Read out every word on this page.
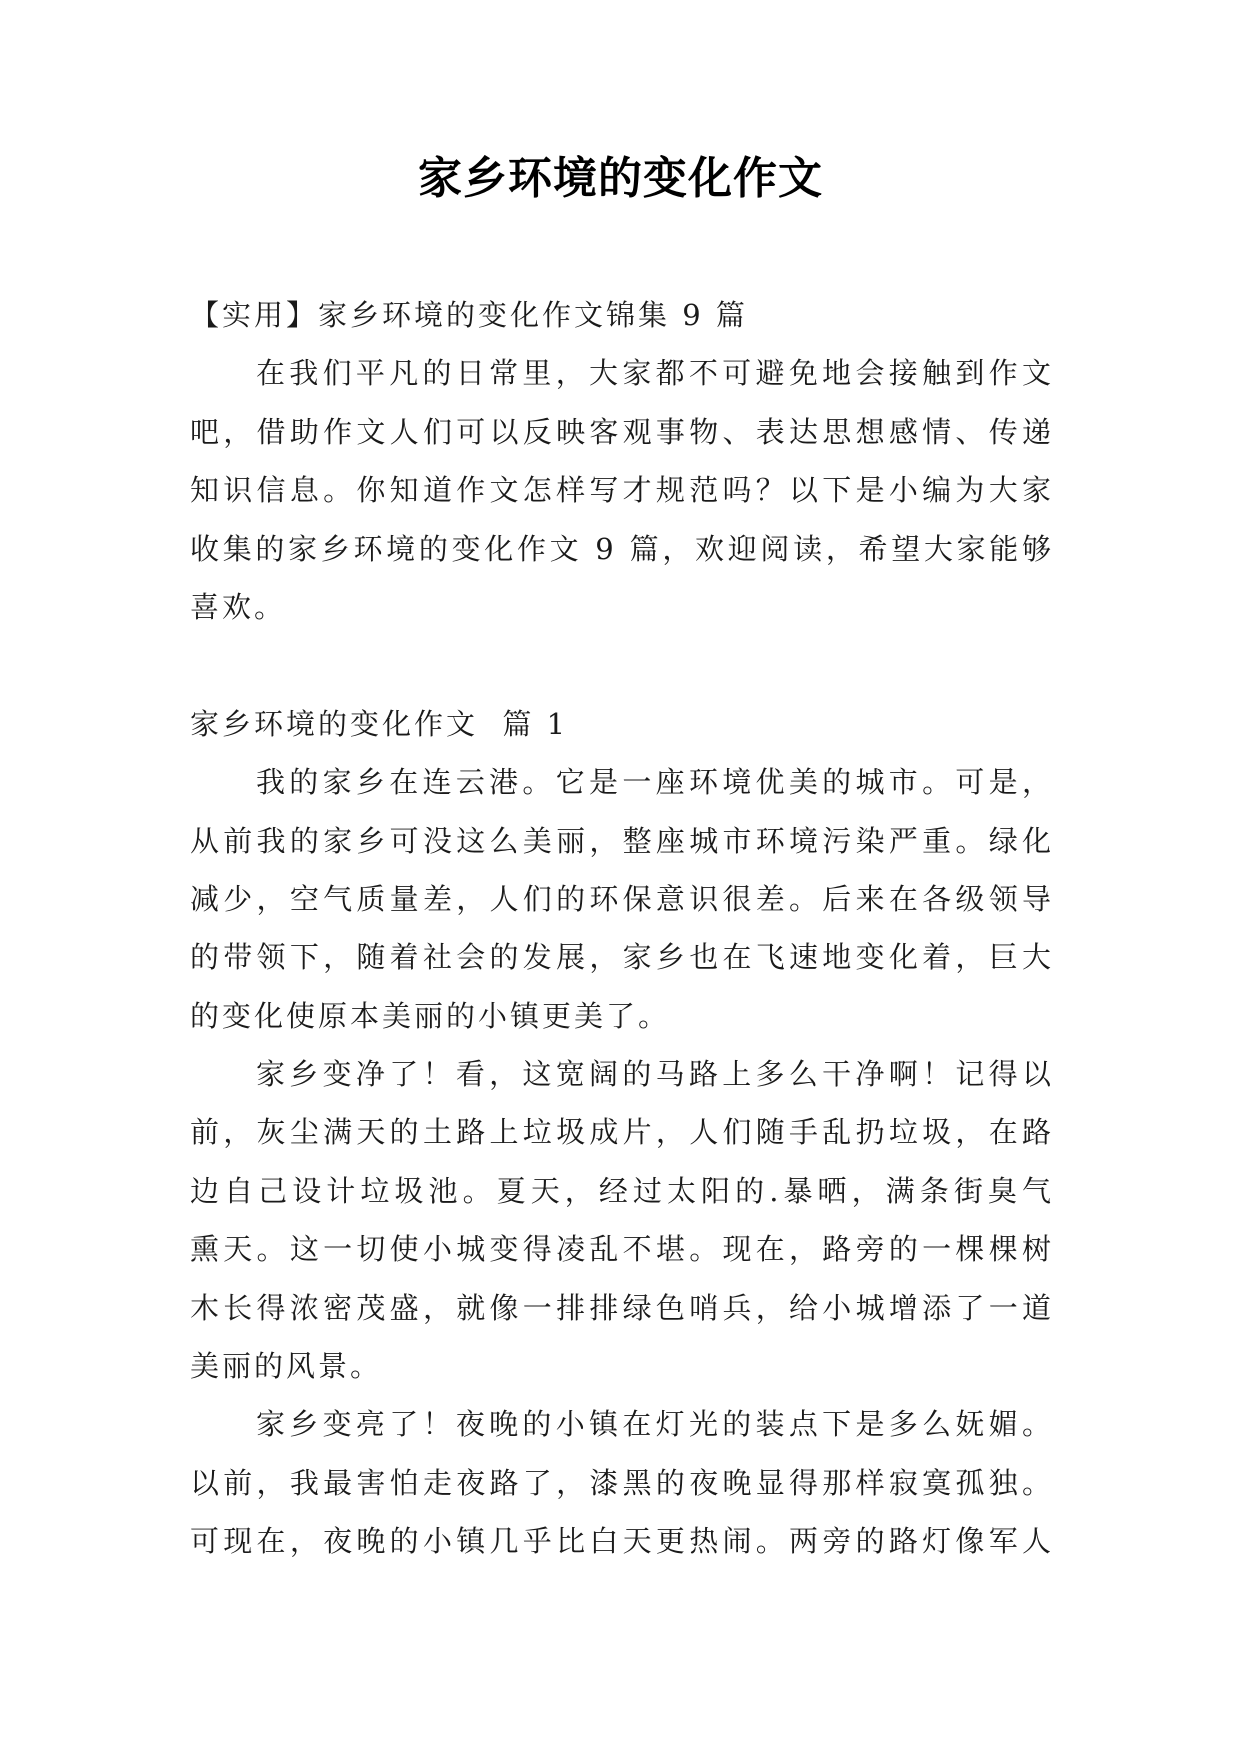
家乡环境的变化作文
【实用】家乡环境的变化作文锦集 9 篇
在我们平凡的日常里，大家都不可避免地会接触到作文
吧，借助作文人们可以反映客观事物、表达思想感情、传递
知识信息。你知道作文怎样写才规范吗？以下是小编为大家
收集的家乡环境的变化作文 9 篇，欢迎阅读，希望大家能够
喜欢。
家乡环境的变化作文  篇 1
我的家乡在连云港。它是一座环境优美的城市。可是，
从前我的家乡可没这么美丽，整座城市环境污染严重。绿化
减少，空气质量差，人们的环保意识很差。后来在各级领导
的带领下，随着社会的发展，家乡也在飞速地变化着，巨大
的变化使原本美丽的小镇更美了。
家乡变净了！看，这宽阔的马路上多么干净啊！记得以
前，灰尘满天的土路上垃圾成片，人们随手乱扔垃圾，在路
边自己设计垃圾池。夏天，经过太阳的.暴晒，满条街臭气
熏天。这一切使小城变得凌乱不堪。现在，路旁的一棵棵树
木长得浓密茂盛，就像一排排绿色哨兵，给小城增添了一道
美丽的风景。
家乡变亮了！夜晚的小镇在灯光的装点下是多么妩媚。
以前，我最害怕走夜路了，漆黑的夜晚显得那样寂寞孤独。
可现在，夜晚的小镇几乎比白天更热闹。两旁的路灯像军人
